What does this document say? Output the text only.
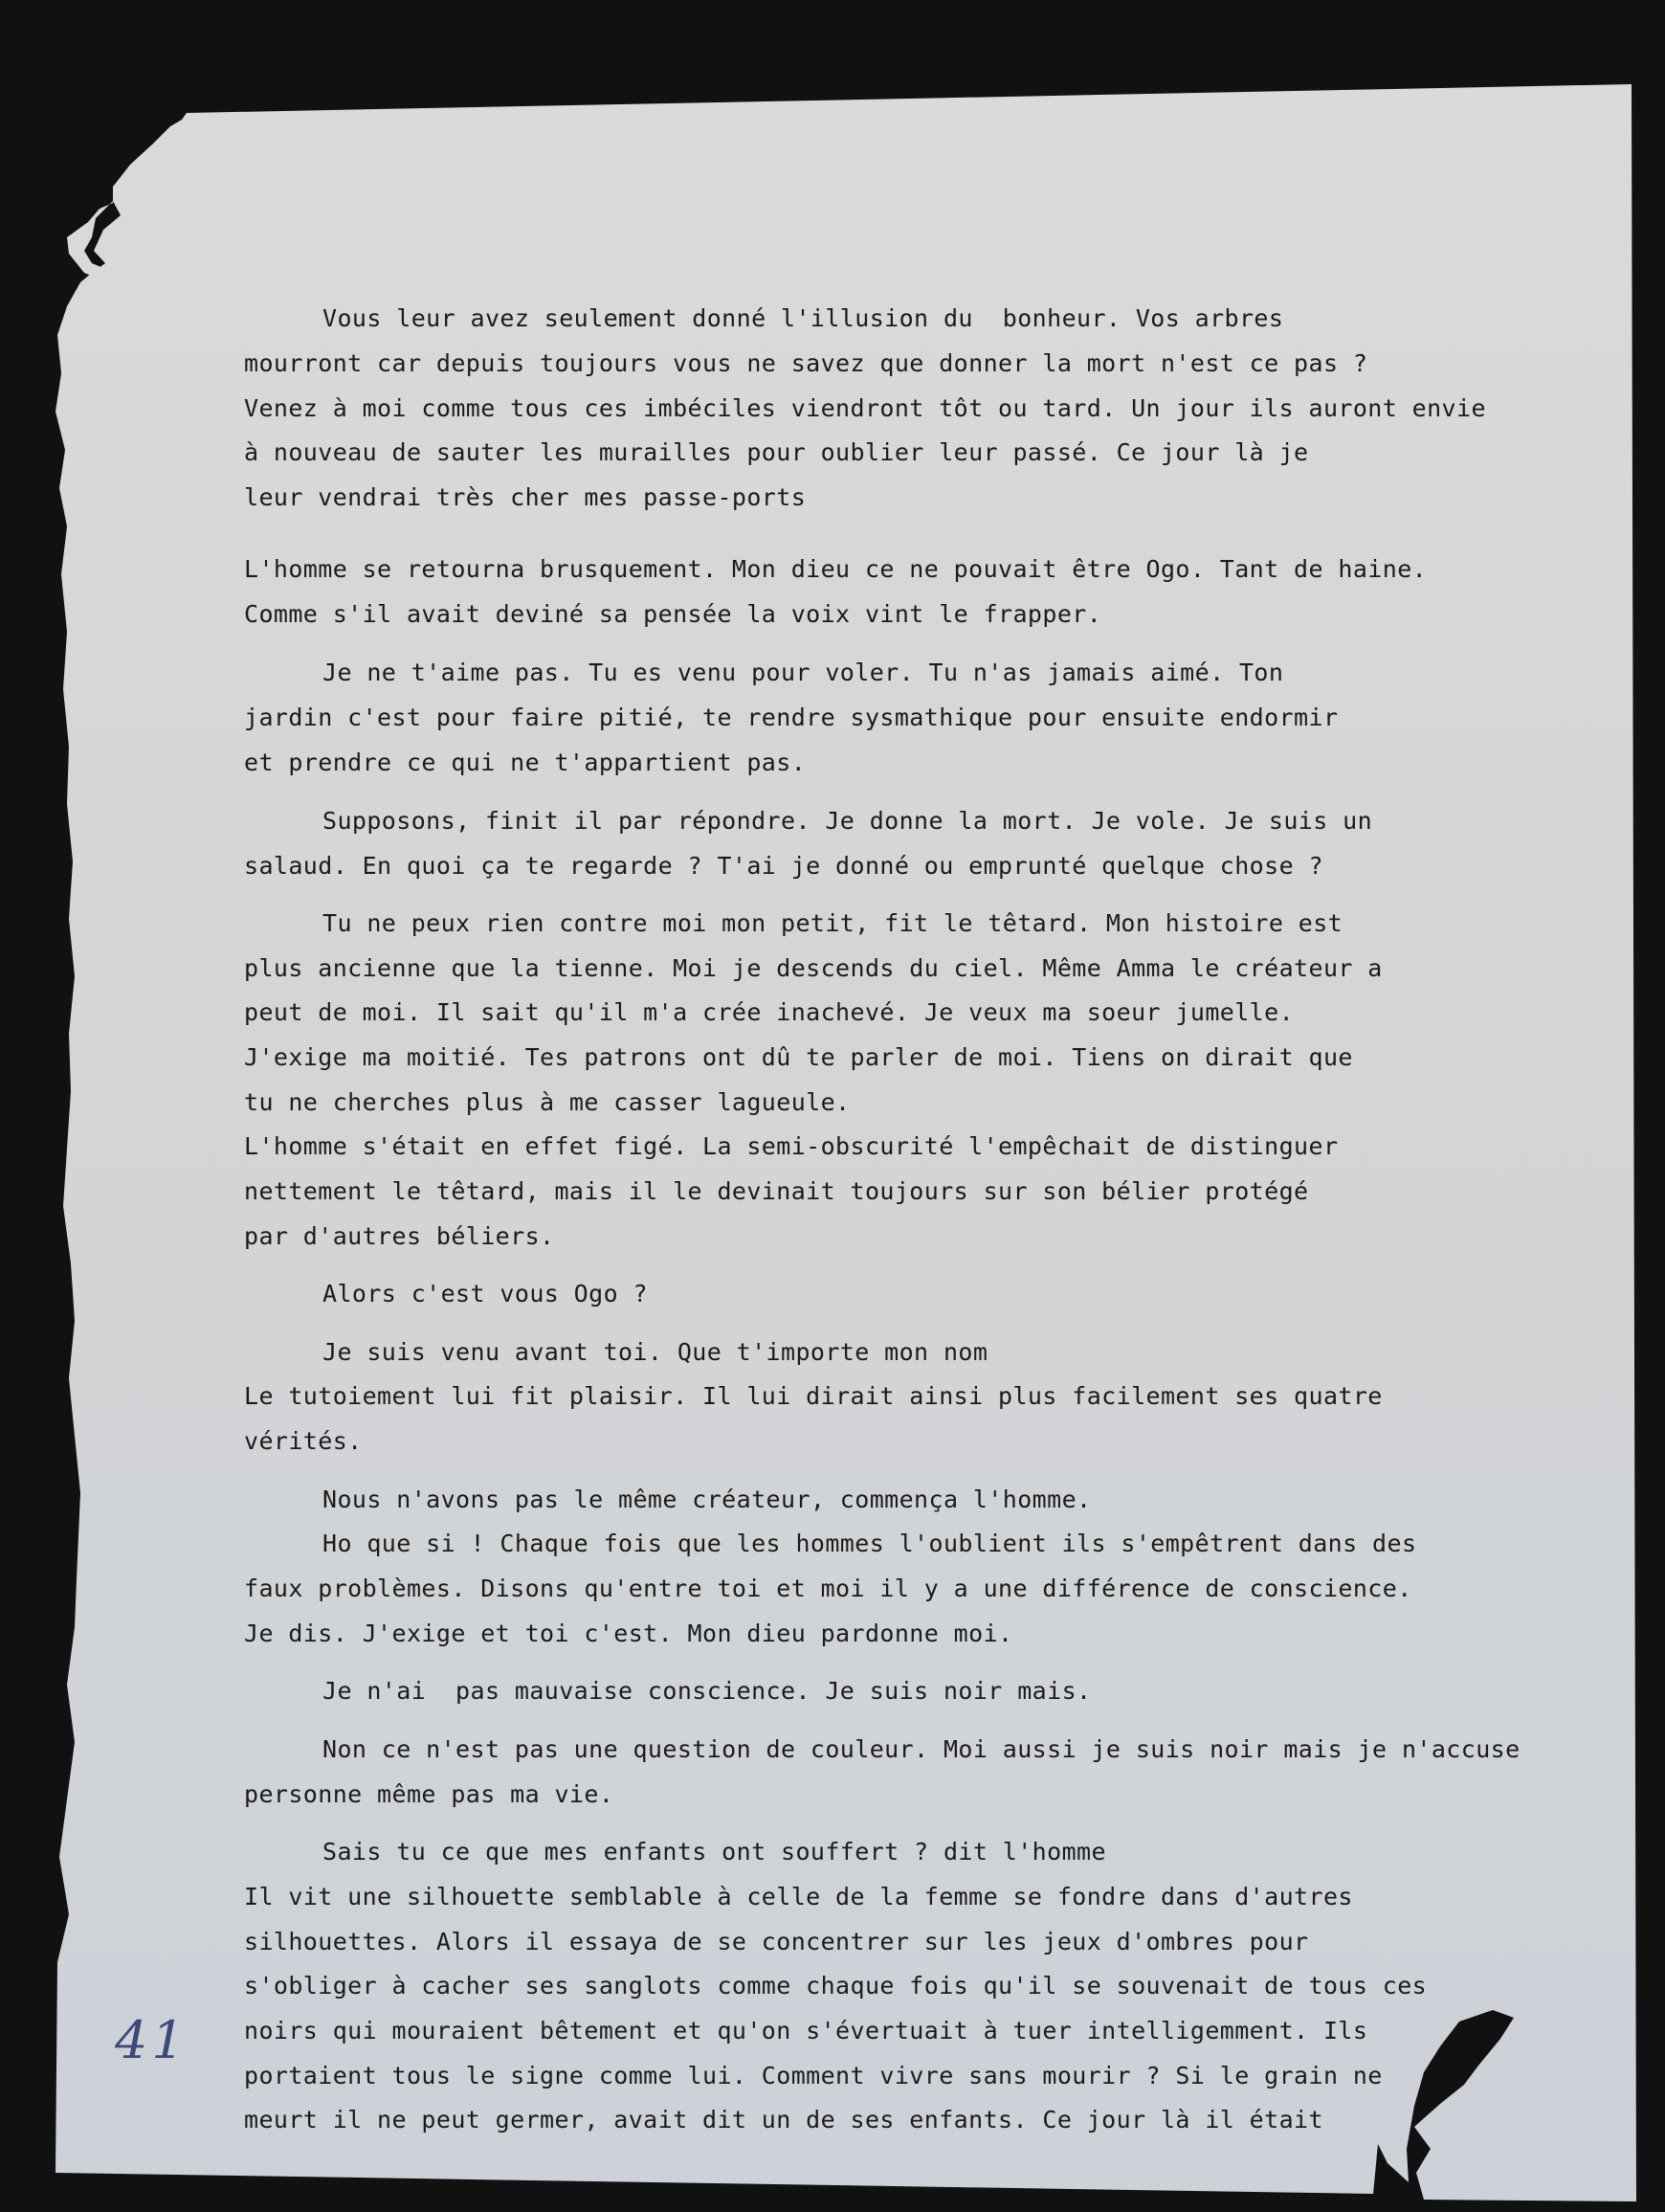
Vous leur avez seulement donné l'illusion du  bonheur. Vos arbres
mourront car depuis toujours vous ne savez que donner la mort n'est ce pas ?
Venez à moi comme tous ces imbéciles viendront tôt ou tard. Un jour ils auront envie
à nouveau de sauter les murailles pour oublier leur passé. Ce jour là je
leur vendrai très cher mes passe-ports
L'homme se retourna brusquement. Mon dieu ce ne pouvait être Ogo. Tant de haine.
Comme s'il avait deviné sa pensée la voix vint le frapper.
Je ne t'aime pas. Tu es venu pour voler. Tu n'as jamais aimé. Ton
jardin c'est pour faire pitié, te rendre sysmathique pour ensuite endormir
et prendre ce qui ne t'appartient pas.
Supposons, finit il par répondre. Je donne la mort. Je vole. Je suis un
salaud. En quoi ça te regarde ? T'ai je donné ou emprunté quelque chose ?
Tu ne peux rien contre moi mon petit, fit le têtard. Mon histoire est
plus ancienne que la tienne. Moi je descends du ciel. Même Amma le créateur a
peut de moi. Il sait qu'il m'a crée inachevé. Je veux ma soeur jumelle.
J'exige ma moitié. Tes patrons ont dû te parler de moi. Tiens on dirait que
tu ne cherches plus à me casser lagueule.
L'homme s'était en effet figé. La semi-obscurité l'empêchait de distinguer
nettement le têtard, mais il le devinait toujours sur son bélier protégé
par d'autres béliers.
Alors c'est vous Ogo ?
Je suis venu avant toi. Que t'importe mon nom
Le tutoiement lui fit plaisir. Il lui dirait ainsi plus facilement ses quatre
vérités.
Nous n'avons pas le même créateur, commença l'homme.
Ho que si ! Chaque fois que les hommes l'oublient ils s'empêtrent dans des
faux problèmes. Disons qu'entre toi et moi il y a une différence de conscience.
Je dis. J'exige et toi c'est. Mon dieu pardonne moi.
Je n'ai  pas mauvaise conscience. Je suis noir mais.
Non ce n'est pas une question de couleur. Moi aussi je suis noir mais je n'accuse
personne même pas ma vie.
Sais tu ce que mes enfants ont souffert ? dit l'homme
Il vit une silhouette semblable à celle de la femme se fondre dans d'autres
silhouettes. Alors il essaya de se concentrer sur les jeux d'ombres pour
s'obliger à cacher ses sanglots comme chaque fois qu'il se souvenait de tous ces
noirs qui mouraient bêtement et qu'on s'évertuait à tuer intelligemment. Ils
portaient tous le signe comme lui. Comment vivre sans mourir ? Si le grain ne
meurt il ne peut germer, avait dit un de ses enfants. Ce jour là il était
41
